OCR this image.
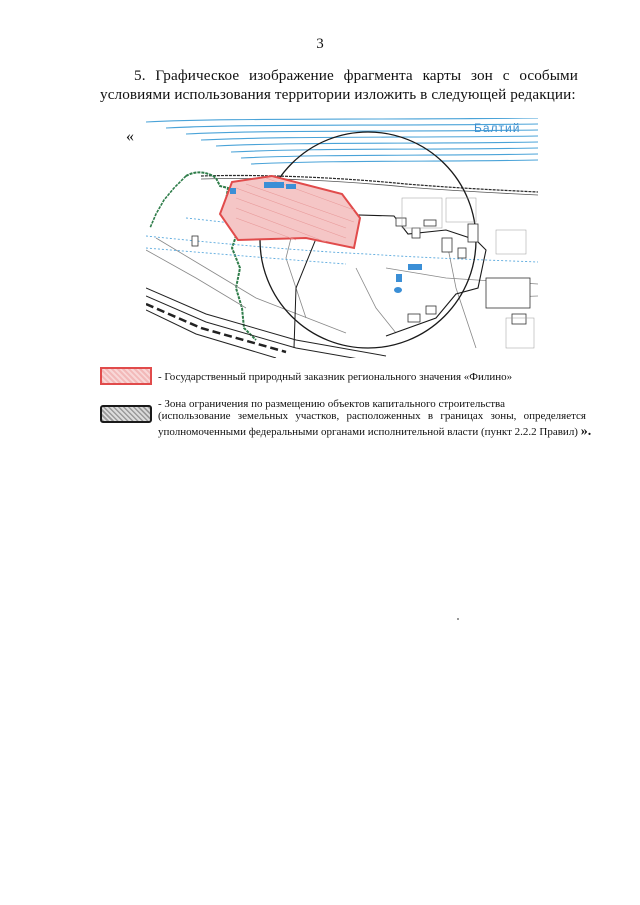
3
5. Графическое изображение фрагмента карты зон с особыми условиями использования территории изложить в следующей редакции:
«	Балтий
- Государственный природный заказник регионального значения «Филино»
- Зона ограничения по размещению объектов капитального строительства
(использование земельных участков, расположенных в границах зоны, определяется
уполномоченными федеральными органами исполнительной власти (пункт 2.2.2 Правил) ».
